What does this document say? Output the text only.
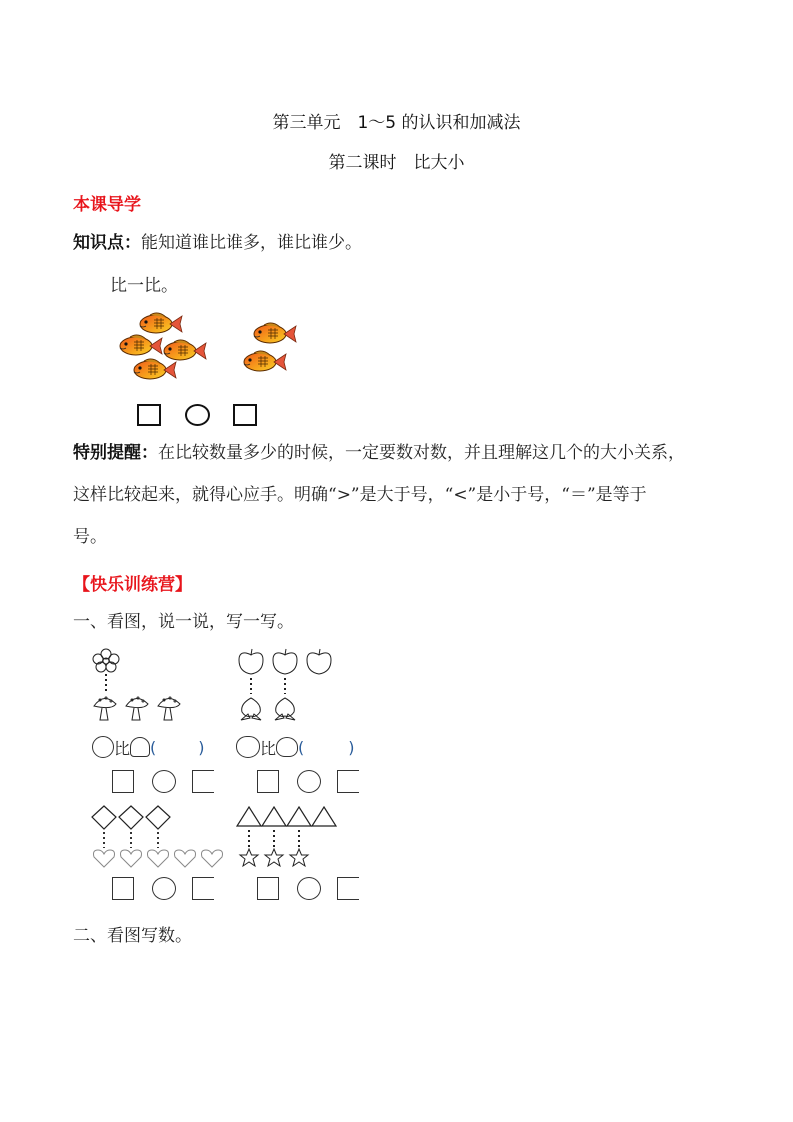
第三单元　1～5 的认识和加减法
第二课时　比大小
本课导学
知识点：能知道谁比谁多，谁比谁少。
比一比。
特别提醒：在比较数量多少的时候，一定要数对数，并且理解这几个的大小关系，
这样比较起来，就得心应手。明确“>”是大于号，“<”是小于号，“＝”是等于
号。
【快乐训练营】
一、看图，说一说，写一写。
比 (	)	比 (	)
二、看图写数。
